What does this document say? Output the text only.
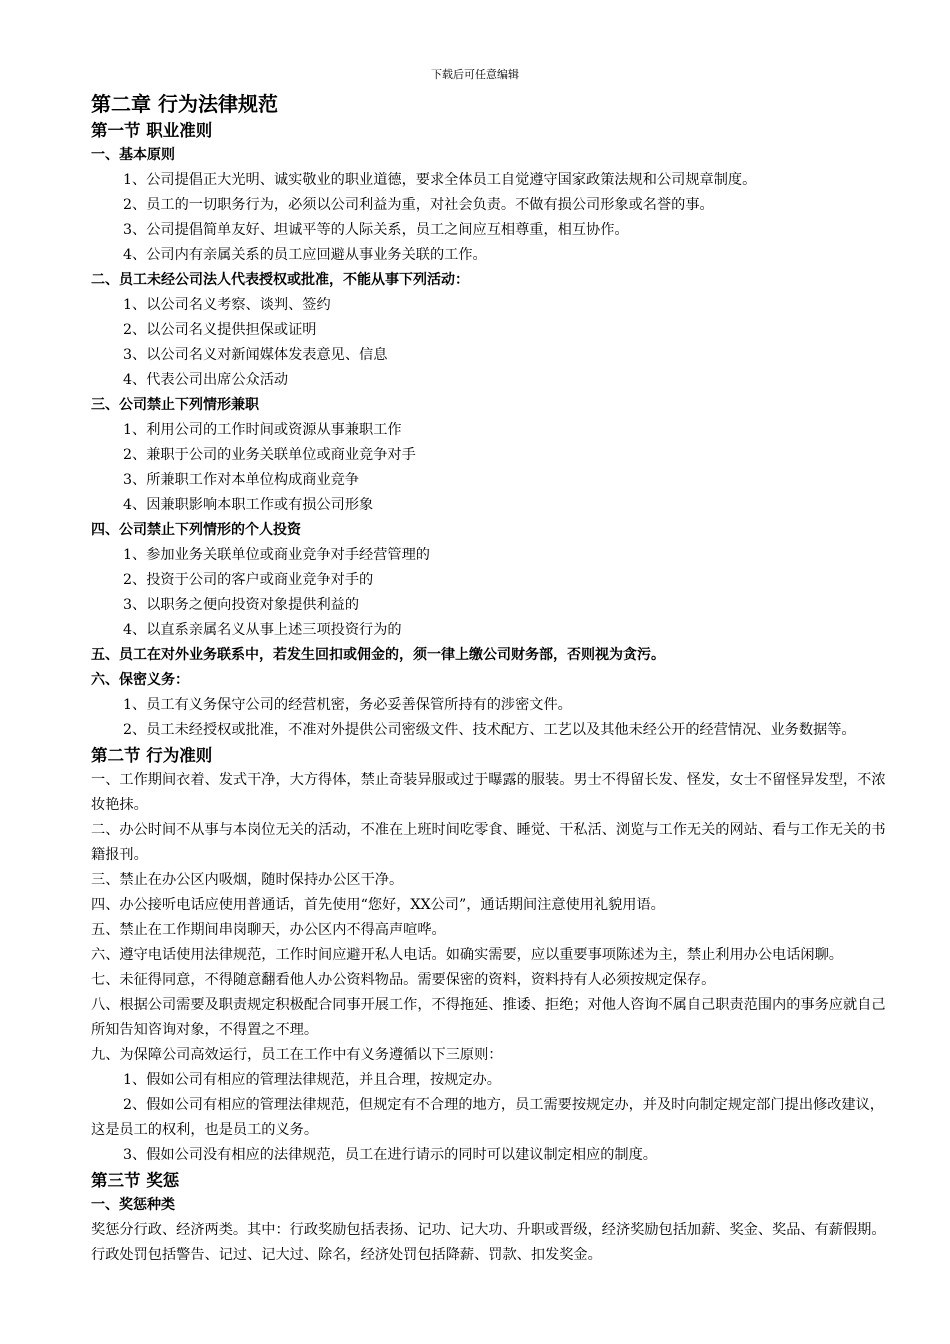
下载后可任意编辑
第二章 行为法律规范
第一节 职业准则
一、基本原则

1、公司提倡正大光明、诚实敬业的职业道德，要求全体员工自觉遵守国家政策法规和公司规章制度。

2、员工的一切职务行为，必须以公司利益为重，对社会负责。不做有损公司形象或名誉的事。

3、公司提倡简单友好、坦诚平等的人际关系，员工之间应互相尊重，相互协作。

4、公司内有亲属关系的员工应回避从事业务关联的工作。

二、员工未经公司法人代表授权或批准，不能从事下列活动：

1、以公司名义考察、谈判、签约

2、以公司名义提供担保或证明

3、以公司名义对新闻媒体发表意见、信息

4、代表公司出席公众活动

三、公司禁止下列情形兼职

1、利用公司的工作时间或资源从事兼职工作

2、兼职于公司的业务关联单位或商业竞争对手

3、所兼职工作对本单位构成商业竞争

4、因兼职影响本职工作或有损公司形象

四、公司禁止下列情形的个人投资

1、参加业务关联单位或商业竞争对手经营管理的

2、投资于公司的客户或商业竞争对手的

3、以职务之便向投资对象提供利益的

4、以直系亲属名义从事上述三项投资行为的

五、员工在对外业务联系中，若发生回扣或佣金的，须一律上缴公司财务部，否则视为贪污。
六、保密义务：

1、员工有义务保守公司的经营机密，务必妥善保管所持有的涉密文件。

2、员工未经授权或批准，不准对外提供公司密级文件、技术配方、工艺以及其他未经公开的经营情况、业务数据等。

第二节 行为准则

一、工作期间衣着、发式干净，大方得体，禁止奇装异服或过于曝露的服装。男士不得留长发、怪发，女士不留怪异发型，不浓妆艳抹。

二、办公时间不从事与本岗位无关的活动，不准在上班时间吃零食、睡觉、干私活、浏览与工作无关的网站、看与工作无关的书籍报刊。

三、禁止在办公区内吸烟，随时保持办公区干净。

四、办公接听电话应使用普通话，首先使用“您好，XX公司”，通话期间注意使用礼貌用语。

五、禁止在工作期间串岗聊天，办公区内不得高声喧哗。

六、遵守电话使用法律规范，工作时间应避开私人电话。如确实需要，应以重要事项陈述为主，禁止利用办公电话闲聊。

七、未征得同意，不得随意翻看他人办公资料物品。需要保密的资料，资料持有人必须按规定保存。

八、根据公司需要及职责规定积极配合同事开展工作，不得拖延、推诿、拒绝；对他人咨询不属自己职责范围内的事务应就自己所知告知咨询对象，不得置之不理。

九、为保障公司高效运行，员工在工作中有义务遵循以下三原则：

1、假如公司有相应的管理法律规范，并且合理，按规定办。

2、假如公司有相应的管理法律规范，但规定有不合理的地方，员工需要按规定办，并及时向制定规定部门提出修改建议，这是员工的权利，也是员工的义务。

3、假如公司没有相应的法律规范，员工在进行请示的同时可以建议制定相应的制度。

第三节 奖惩
一、奖惩种类

奖惩分行政、经济两类。其中：行政奖励包括表扬、记功、记大功、升职或晋级，经济奖励包括加薪、奖金、奖品、有薪假期。行政处罚包括警告、记过、记大过、除名，经济处罚包括降薪、罚款、扣发奖金。
